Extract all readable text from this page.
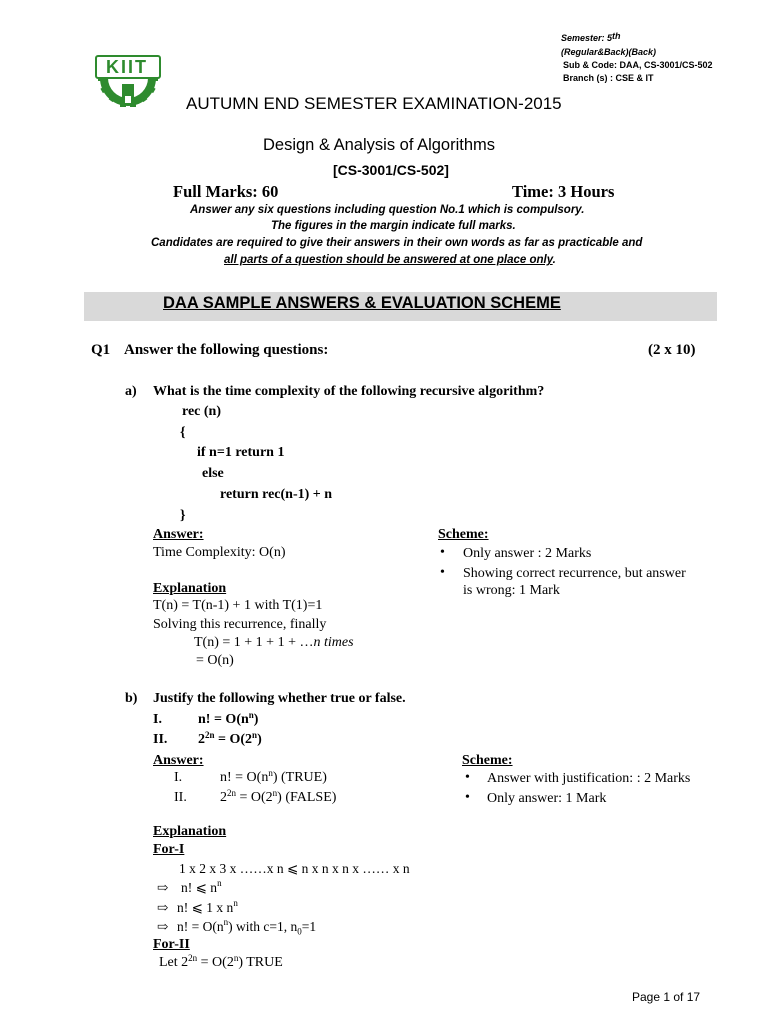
KIIT
Semester: 5th
(Regular&Back)(Back)
Sub & Code: DAA, CS-3001/CS-502
Branch (s) : CSE & IT
AUTUMN END SEMESTER EXAMINATION-2015
Design & Analysis of Algorithms
[CS-3001/CS-502]
Full Marks: 60	Time: 3 Hours
Answer any six questions including question No.1 which is compulsory.
The figures in the margin indicate full marks.
Candidates are required to give their answers in their own words as far as practicable and
all parts of a question should be answered at one place only.
DAA SAMPLE ANSWERS & EVALUATION SCHEME
Q1 Answer the following questions:	(2 x 10)
a) What is the time complexity of the following recursive algorithm?
rec (n)
{
if n=1 return 1
else
return rec(n-1) + n
}
Answer:
Time Complexity: O(n)
Scheme:
• Only answer : 2 Marks
• Showing correct recurrence, but answer
is wrong: 1 Mark
Explanation
T(n) = T(n-1) + 1 with T(1)=1
Solving this recurrence, finally
T(n) = 1 + 1 + 1 + …n times
= O(n)
b) Justify the following whether true or false.
I.	n! = $O(n^n)$
II. $2^{2n} = O(2^n)$
Answer:
I.	n! = $O(n^n)$ (TRUE)
II. $2^{2n} = O(2^n)$ (FALSE)
Scheme:
• Answer with justification: : 2 Marks
• Only answer: 1 Mark
Explanation
For-I
1 x 2 x 3 x ……x n ⩽ n x n x n x …… x n
⇨ n! ⩽ $n^n$
⇨ n! ⩽ 1 x $n^n$
⇨ n! = $O(n^n)$ with c=1, $n_0=1$
For-II
Let $2^{2n} = O(2^n)$ TRUE
Page 1 of 17
